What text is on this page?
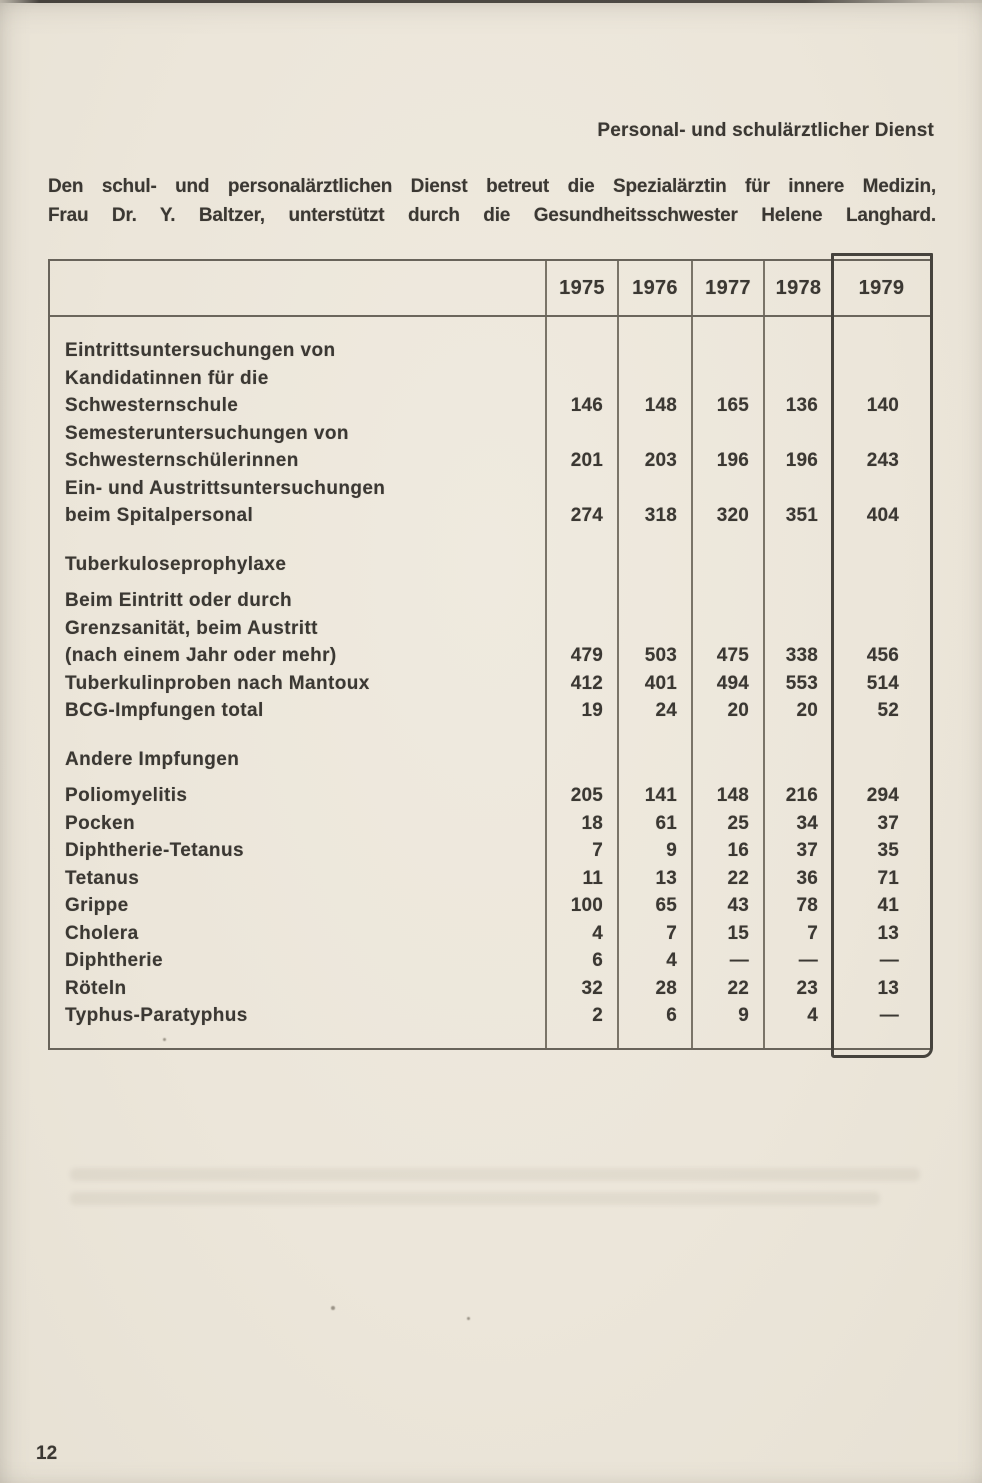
Personal- und schulärztlicher Dienst
Den schul- und personalärztlichen Dienst betreut die Spezialärztin für innere Medizin,
Frau Dr. Y. Baltzer, unterstützt durch die Gesundheitsschwester Helene Langhard.
1975	1976	1977	1978	1979
Eintrittsuntersuchungen von
Kandidatinnen für die
Schwesternschule	146	148	165	136	140
Semesteruntersuchungen von
Schwesternschülerinnen	201	203	196	196	243
Ein- und Austrittsuntersuchungen
beim Spitalpersonal	274	318	320	351	404
Tuberkuloseprophylaxe
Beim Eintritt oder durch
Grenzsanität, beim Austritt
(nach einem Jahr oder mehr)	479	503	475	338	456
Tuberkulinproben nach Mantoux	412	401	494	553	514
BCG-Impfungen total	19	24	20	20	52
Andere Impfungen
Poliomyelitis	205	141	148	216	294
Pocken	18	61	25	34	37
Diphtherie-Tetanus	7	9	16	37	35
Tetanus	11	13	22	36	71
Grippe	100	65	43	78	41
Cholera	4	7	15	7	13
Diphtherie	6	4	—	—	—
Röteln	32	28	22	23	13
Typhus-Paratyphus	2	6	9	4	—
12
